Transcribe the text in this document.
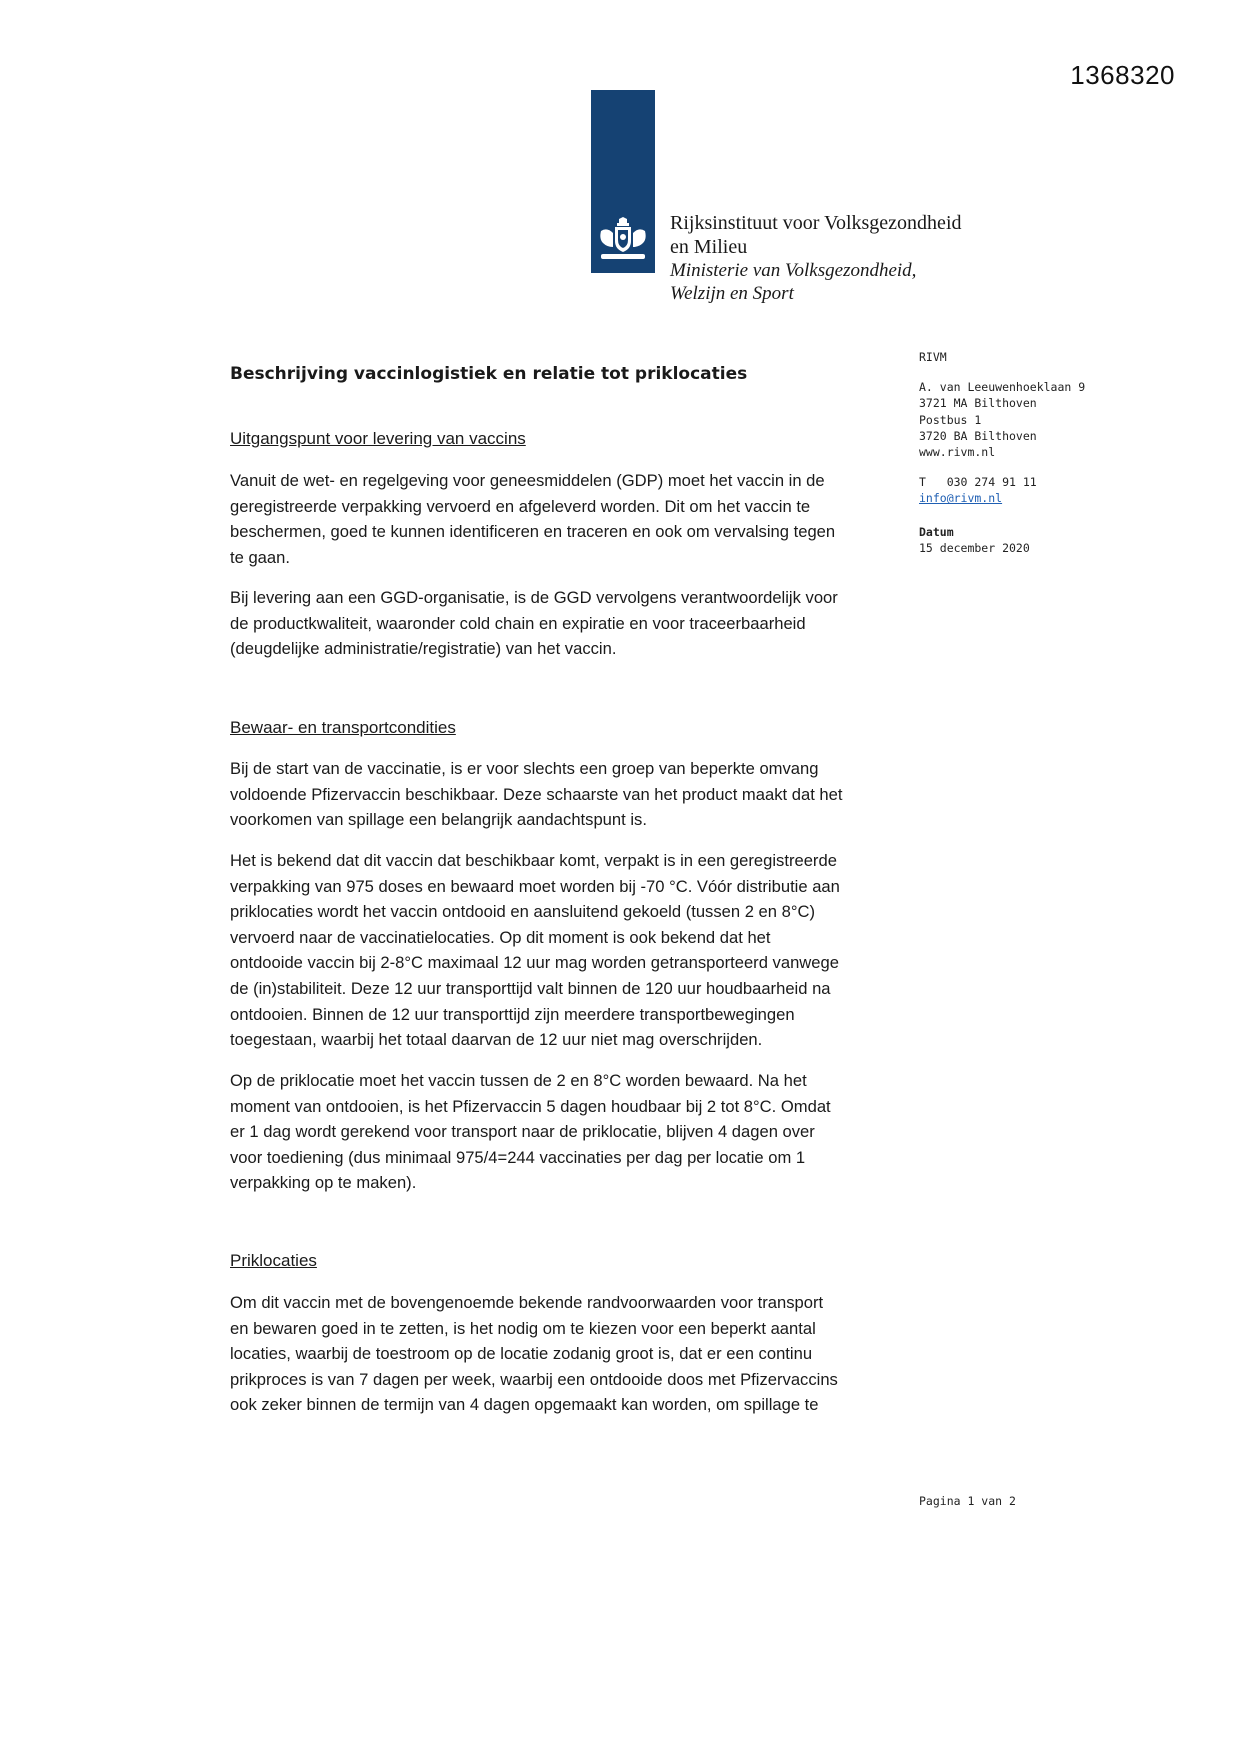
1368320
Rijksinstituut voor Volksgezondheid
en Milieu
Ministerie van Volksgezondheid,
Welzijn en Sport
Beschrijving vaccinlogistiek en relatie tot priklocaties
RIVM
A. van Leeuwenhoeklaan 9
3721 MA Bilthoven
Postbus 1
3720 BA Bilthoven
www.rivm.nl
T   030 274 91 11
info@rivm.nl
Datum
15 december 2020
Uitgangspunt voor levering van vaccins

Vanuit de wet- en regelgeving voor geneesmiddelen (GDP) moet het vaccin in de
geregistreerde verpakking vervoerd en afgeleverd worden. Dit om het vaccin te
beschermen, goed te kunnen identificeren en traceren en ook om vervalsing tegen
te gaan.

Bij levering aan een GGD-organisatie, is de GGD vervolgens verantwoordelijk voor
de productkwaliteit, waaronder cold chain en expiratie en voor traceerbaarheid
(deugdelijke administratie/registratie) van het vaccin.

Bewaar- en transportcondities

Bij de start van de vaccinatie, is er voor slechts een groep van beperkte omvang
voldoende Pfizervaccin beschikbaar. Deze schaarste van het product maakt dat het
voorkomen van spillage een belangrijk aandachtspunt is.

Het is bekend dat dit vaccin dat beschikbaar komt, verpakt is in een geregistreerde
verpakking van 975 doses en bewaard moet worden bij -70 °C. Vóór distributie aan
priklocaties wordt het vaccin ontdooid en aansluitend gekoeld (tussen 2 en 8°C)
vervoerd naar de vaccinatielocaties. Op dit moment is ook bekend dat het
ontdooide vaccin bij 2-8°C maximaal 12 uur mag worden getransporteerd vanwege
de (in)stabiliteit. Deze 12 uur transporttijd valt binnen de 120 uur houdbaarheid na
ontdooien. Binnen de 12 uur transporttijd zijn meerdere transportbewegingen
toegestaan, waarbij het totaal daarvan de 12 uur niet mag overschrijden.

Op de priklocatie moet het vaccin tussen de 2 en 8°C worden bewaard. Na het
moment van ontdooien, is het Pfizervaccin 5 dagen houdbaar bij 2 tot 8°C. Omdat
er 1 dag wordt gerekend voor transport naar de priklocatie, blijven 4 dagen over
voor toediening (dus minimaal 975/4=244 vaccinaties per dag per locatie om 1
verpakking op te maken).

Priklocaties

Om dit vaccin met de bovengenoemde bekende randvoorwaarden voor transport
en bewaren goed in te zetten, is het nodig om te kiezen voor een beperkt aantal
locaties, waarbij de toestroom op de locatie zodanig groot is, dat er een continu
prikproces is van 7 dagen per week, waarbij een ontdooide doos met Pfizervaccins
ook zeker binnen de termijn van 4 dagen opgemaakt kan worden, om spillage te

Pagina 1 van 2
